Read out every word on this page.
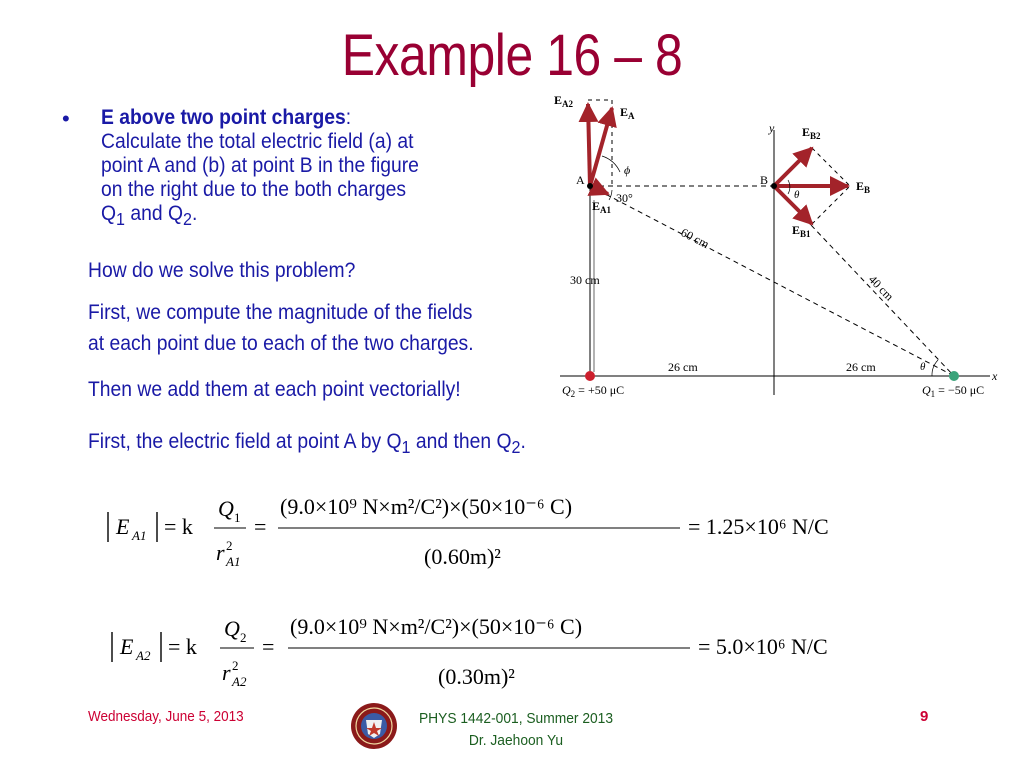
Example 16 – 8
• E above two point charges:
Calculate the total electric field (a) at
point A and (b) at point B in the figure
on the right due to the both charges
$Q_1$ and $Q_2$.
How do we solve this problem?
First, we compute the magnitude of the fields
at each point due to each of the two charges.
Then we add them at each point vectorially!
First, the electric field at point A by $Q_1$ and then $Q_2$.
$E_{A2}$
$E_A$
$E_{A1}$
$E_{B2}$
$E_B$
$E_{B1}$
A	B
y
x
ϕ
θ
θ
30°
60 cm
40 cm
30 cm
26 cm	26 cm
$Q_2 = +50$ μC	$Q_1 = -50$ μC
E A1 = k
Q 1
r 2
A1
=
(9.0×10⁹ N×m²/C²)×(50×10⁻⁶ C)
(0.60m)²
= 1.25×10⁶ N/C
E A2 = k
Q 2
r 2
A2
=
(9.0×10⁹ N×m²/C²)×(50×10⁻⁶ C)
(0.30m)²
= 5.0×10⁶ N/C
Wednesday, June 5, 2013	PHYS 1442-001, Summer 2013
Dr. Jaehoon Yu
9
